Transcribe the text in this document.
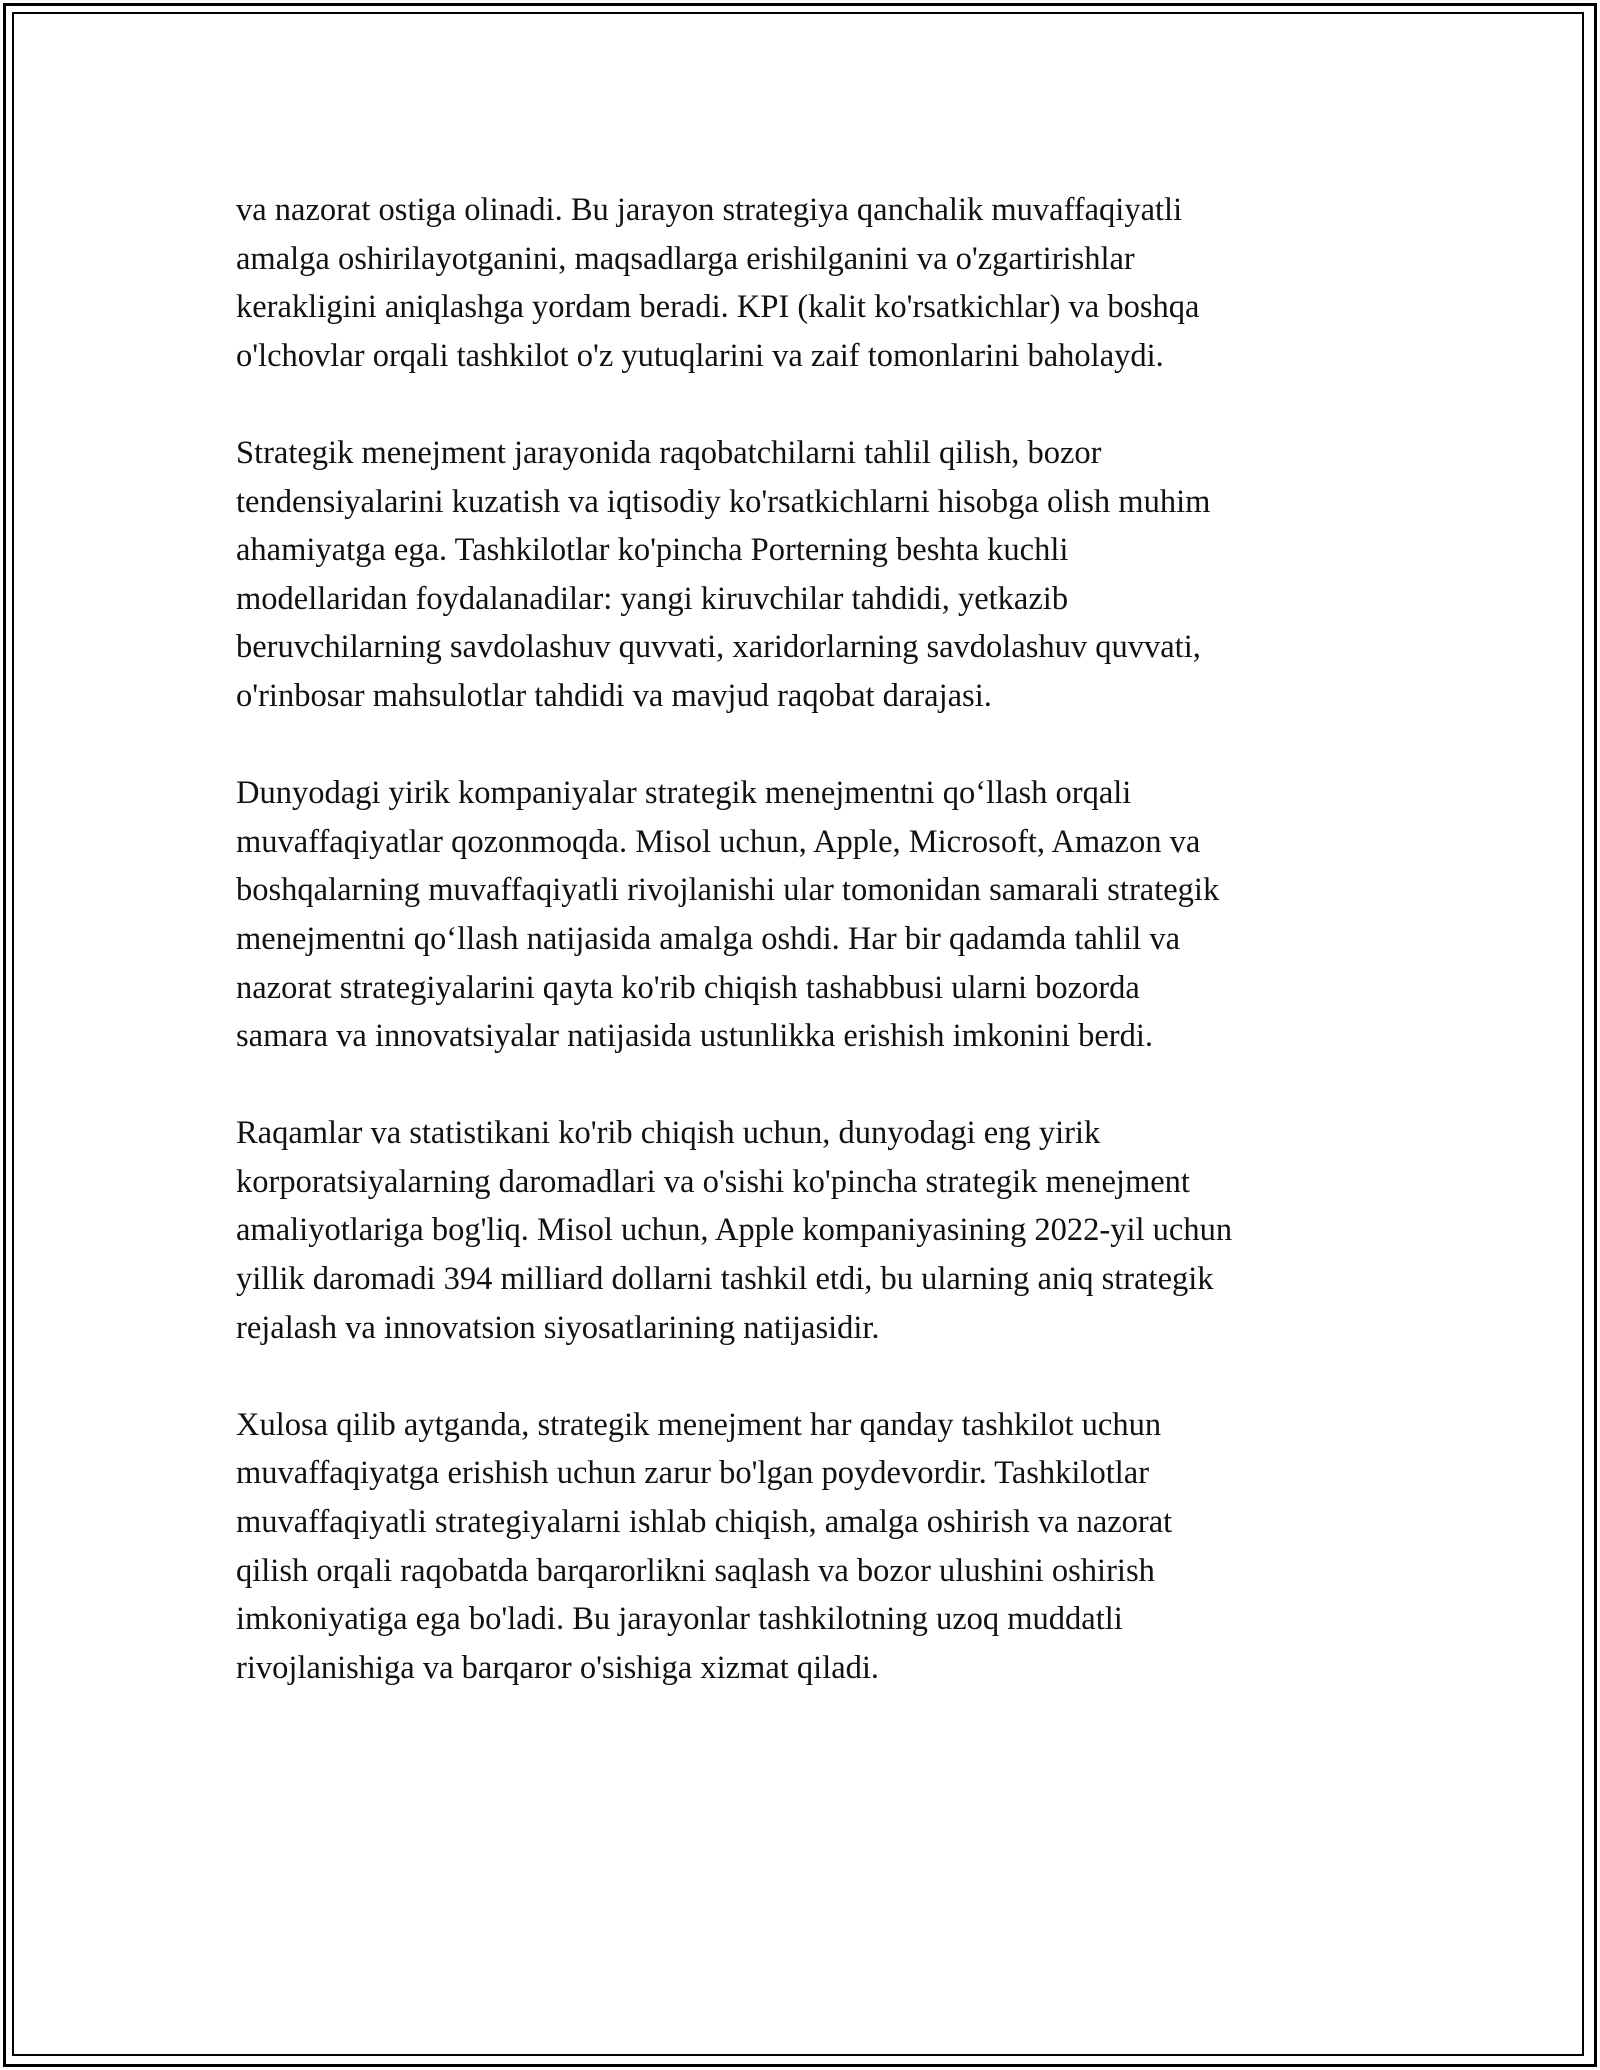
va nazorat ostiga olinadi. Bu jarayon strategiya qanchalik muvaffaqiyatli
amalga oshirilayotganini, maqsadlarga erishilganini va o'zgartirishlar
kerakligini aniqlashga yordam beradi. KPI (kalit ko'rsatkichlar) va boshqa
o'lchovlar orqali tashkilot o'z yutuqlarini va zaif tomonlarini baholaydi.

Strategik menejment jarayonida raqobatchilarni tahlil qilish, bozor
tendensiyalarini kuzatish va iqtisodiy ko'rsatkichlarni hisobga olish muhim
ahamiyatga ega. Tashkilotlar ko'pincha Porterning beshta kuchli
modellaridan foydalanadilar: yangi kiruvchilar tahdidi, yetkazib
beruvchilarning savdolashuv quvvati, xaridorlarning savdolashuv quvvati,
o'rinbosar mahsulotlar tahdidi va mavjud raqobat darajasi.

Dunyodagi yirik kompaniyalar strategik menejmentni qoʻllash orqali
muvaffaqiyatlar qozonmoqda. Misol uchun, Apple, Microsoft, Amazon va
boshqalarning muvaffaqiyatli rivojlanishi ular tomonidan samarali strategik
menejmentni qoʻllash natijasida amalga oshdi. Har bir qadamda tahlil va
nazorat strategiyalarini qayta ko'rib chiqish tashabbusi ularni bozorda
samara va innovatsiyalar natijasida ustunlikka erishish imkonini berdi.

Raqamlar va statistikani ko'rib chiqish uchun, dunyodagi eng yirik
korporatsiyalarning daromadlari va o'sishi ko'pincha strategik menejment
amaliyotlariga bog'liq. Misol uchun, Apple kompaniyasining 2022-yil uchun
yillik daromadi 394 milliard dollarni tashkil etdi, bu ularning aniq strategik
rejalash va innovatsion siyosatlarining natijasidir.

Xulosa qilib aytganda, strategik menejment har qanday tashkilot uchun
muvaffaqiyatga erishish uchun zarur bo'lgan poydevordir. Tashkilotlar
muvaffaqiyatli strategiyalarni ishlab chiqish, amalga oshirish va nazorat
qilish orqali raqobatda barqarorlikni saqlash va bozor ulushini oshirish
imkoniyatiga ega bo'ladi. Bu jarayonlar tashkilotning uzoq muddatli
rivojlanishiga va barqaror o'sishiga xizmat qiladi.
